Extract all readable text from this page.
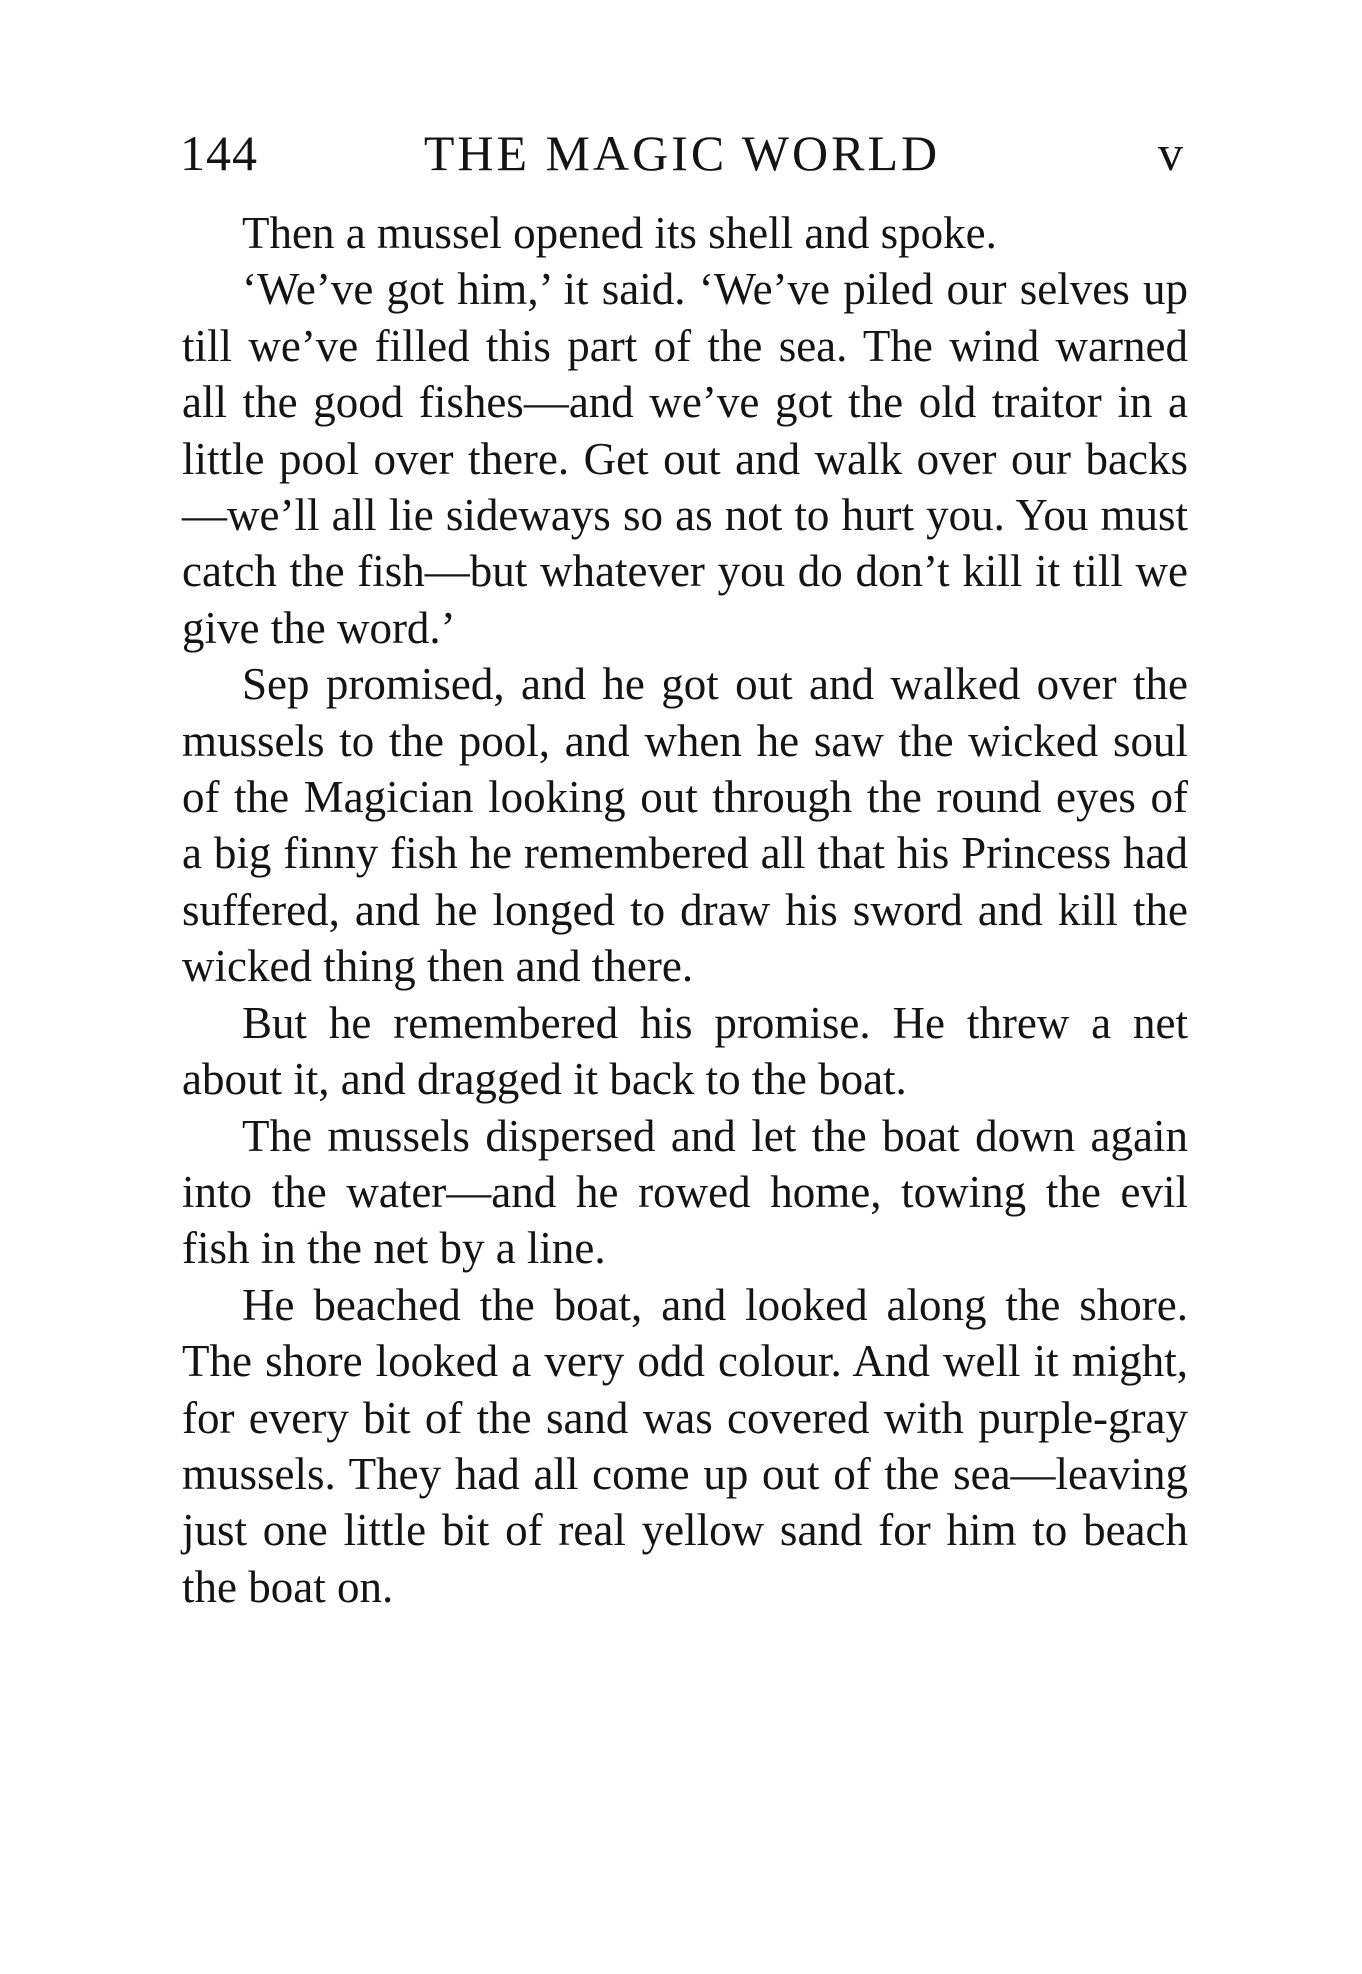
144	THE MAGIC WORLD	v

Then a mussel opened its shell and spoke.

‘We’ve got him,’ it said. ‘We’ve piled our selves up till we’ve filled this part of the sea. The wind warned all the good fishes—and we’ve got the old traitor in a little pool over there. Get out and walk over our backs—we’ll all lie sideways so as not to hurt you. You must catch the fish—but whatever you do don’t kill it till we give the word.’

Sep promised, and he got out and walked over the mussels to the pool, and when he saw the wicked soul of the Magician looking out through the round eyes of a big finny fish he remembered all that his Princess had suffered, and he longed to draw his sword and kill the wicked thing then and there.

But he remembered his promise. He threw a net about it, and dragged it back to the boat.

The mussels dispersed and let the boat down again into the water—and he rowed home, towing the evil fish in the net by a line.

He beached the boat, and looked along the shore. The shore looked a very odd colour. And well it might, for every bit of the sand was covered with purple-gray mussels. They had all come up out of the sea—leaving just one little bit of real yellow sand for him to beach the boat on.
